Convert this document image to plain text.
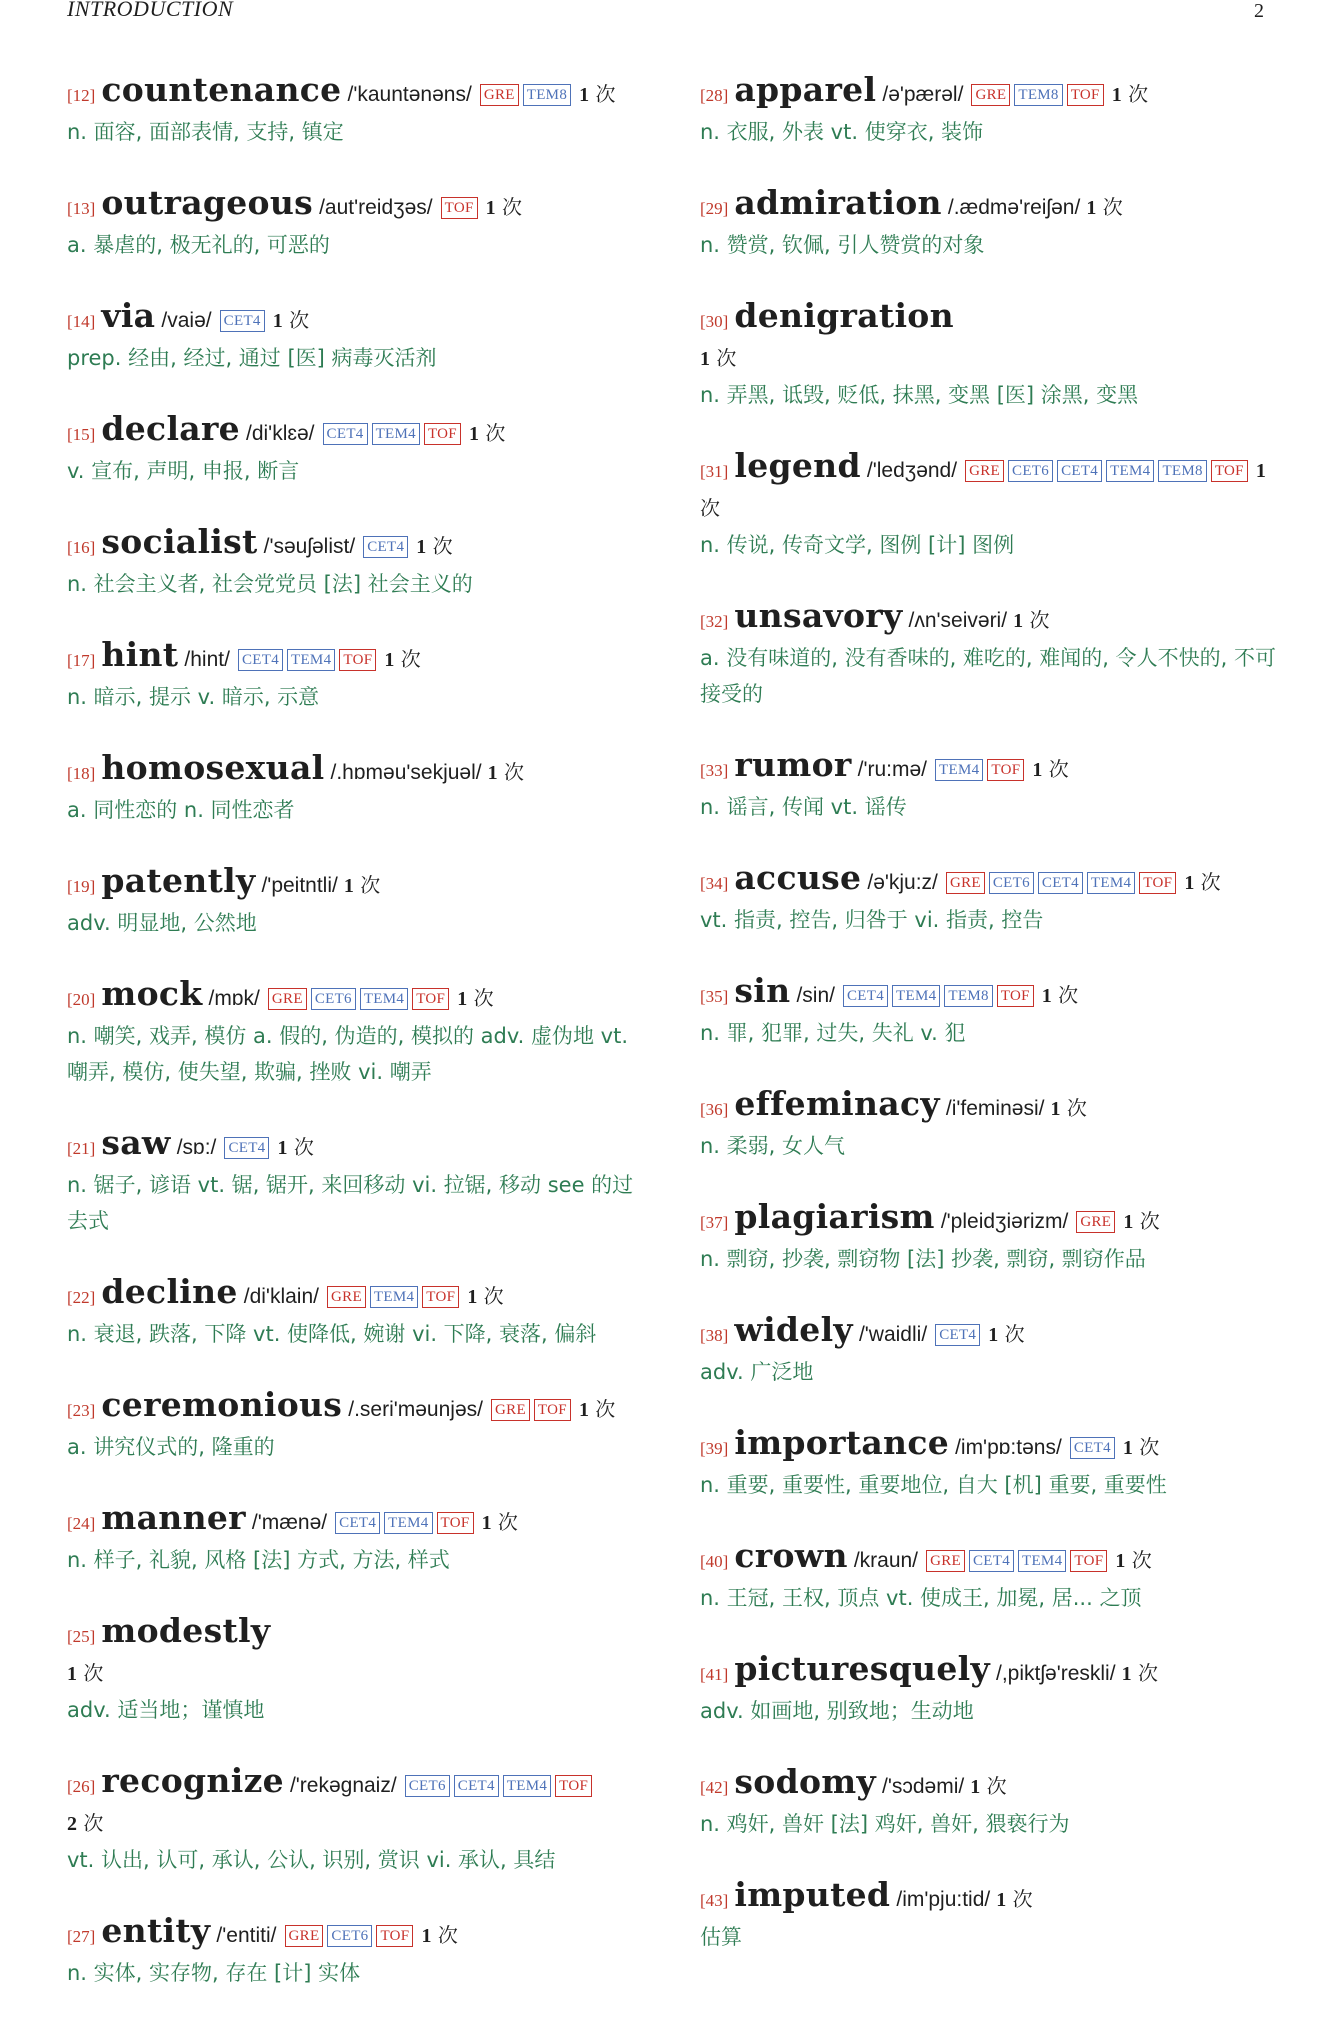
INTRODUCTION	2
[12] countenance /'kauntənəns/ GRE TEM8 1 次
n. 面容, 面部表情, 支持, 镇定
[13] outrageous /aut'reidʒəs/ TOF 1 次
a. 暴虐的, 极无礼的, 可恶的
[14] via /vaiə/ CET4 1 次
prep. 经由, 经过, 通过 [医] 病毒灭活剂
[15] declare /di'klɛə/ CET4 TEM4 TOF 1 次
v. 宣布, 声明, 申报, 断言
[16] socialist /'səuʃəlist/ CET4 1 次
n. 社会主义者, 社会党党员 [法] 社会主义的
[17] hint /hint/ CET4 TEM4 TOF 1 次
n. 暗示, 提示 v. 暗示, 示意
[18] homosexual /.hɒməu'sekjuəl/ 1 次
a. 同性恋的 n. 同性恋者
[19] patently /'peitntli/ 1 次
adv. 明显地, 公然地
[20] mock /mɒk/ GRE CET6 TEM4 TOF 1 次
n. 嘲笑, 戏弄, 模仿 a. 假的, 伪造的, 模拟的 adv. 虚伪地 vt. 嘲弄, 模仿, 使失望, 欺骗, 挫败 vi. 嘲弄
[21] saw /sɒ:/ CET4 1 次
n. 锯子, 谚语 vt. 锯, 锯开, 来回移动 vi. 拉锯, 移动 see 的过去式
[22] decline /di'klain/ GRE TEM4 TOF 1 次
n. 衰退, 跌落, 下降 vt. 使降低, 婉谢 vi. 下降, 衰落, 偏斜
[23] ceremonious /.seri'məunjəs/ GRE TOF 1 次
a. 讲究仪式的, 隆重的
[24] manner /'mænə/ CET4 TEM4 TOF 1 次
n. 样子, 礼貌, 风格 [法] 方式, 方法, 样式
[25] modestly
1 次
adv. 适当地；谨慎地
[26] recognize /'rekəgnaiz/ CET6 CET4 TEM4 TOF
2 次
vt. 认出, 认可, 承认, 公认, 识别, 赏识 vi. 承认, 具结
[27] entity /'entiti/ GRE CET6 TOF 1 次
n. 实体, 实存物, 存在 [计] 实体
[28] apparel /ə'pærəl/ GRE TEM8 TOF 1 次
n. 衣服, 外表 vt. 使穿衣, 装饰
[29] admiration /.ædmə'reiʃən/ 1 次
n. 赞赏, 钦佩, 引人赞赏的对象
[30] denigration
1 次
n. 弄黑, 诋毁, 贬低, 抹黑, 变黑 [医] 涂黑, 变黑
[31] legend /'ledʒənd/ GRE CET6 CET4 TEM4 TEM8 TOF 1 次
n. 传说, 传奇文学, 图例 [计] 图例
[32] unsavory /ʌn'seivəri/ 1 次
a. 没有味道的, 没有香味的, 难吃的, 难闻的, 令人不快的, 不可接受的
[33] rumor /'ru:mə/ TEM4 TOF 1 次
n. 谣言, 传闻 vt. 谣传
[34] accuse /ə'kju:z/ GRE CET6 CET4 TEM4 TOF 1 次
vt. 指责, 控告, 归咎于 vi. 指责, 控告
[35] sin /sin/ CET4 TEM4 TEM8 TOF 1 次
n. 罪, 犯罪, 过失, 失礼 v. 犯
[36] effeminacy /i'feminəsi/ 1 次
n. 柔弱, 女人气
[37] plagiarism /'pleidʒiərizm/ GRE 1 次
n. 剽窃, 抄袭, 剽窃物 [法] 抄袭, 剽窃, 剽窃作品
[38] widely /'waidli/ CET4 1 次
adv. 广泛地
[39] importance /im'pɒ:təns/ CET4 1 次
n. 重要, 重要性, 重要地位, 自大 [机] 重要, 重要性
[40] crown /kraun/ GRE CET4 TEM4 TOF 1 次
n. 王冠, 王权, 顶点 vt. 使成王, 加冕, 居... 之顶
[41] picturesquely /,piktʃə'reskli/ 1 次
adv. 如画地, 别致地；生动地
[42] sodomy /'sɔdəmi/ 1 次
n. 鸡奸, 兽奸 [法] 鸡奸, 兽奸, 猥亵行为
[43] imputed /im'pju:tid/ 1 次
估算
